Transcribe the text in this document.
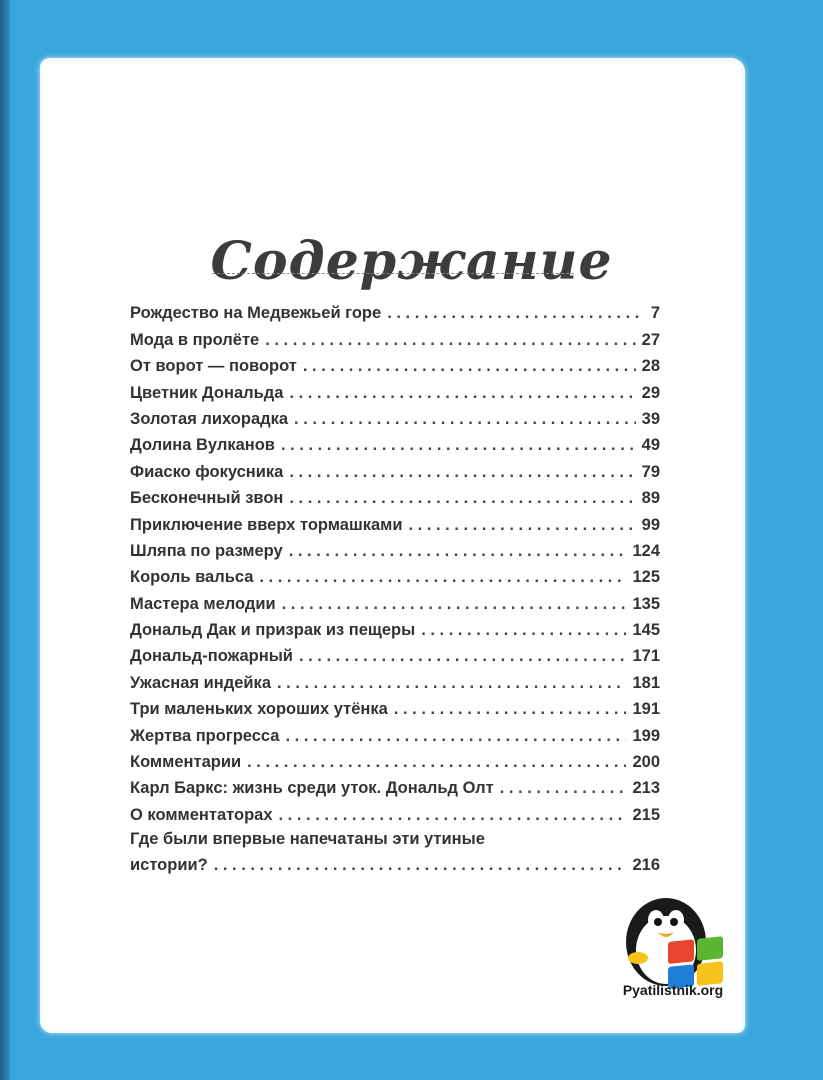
Содержание
Рождество на Медвежьей горе . . .	7
Мода в пролёте . . .	27
От ворот — поворот . . .	28
Цветник Дональда . . .	29
Золотая лихорадка . . .	39
Долина Вулканов . . .	49
Фиаско фокусника . . .	79
Бесконечный звон . . .	89
Приключение вверх тормашками . . .	99
Шляпа по размеру . . .	124
Король вальса . . .	125
Мастера мелодии . . .	135
Дональд Дак и призрак из пещеры . . .	145
Дональд-пожарный . . .	171
Ужасная индейка . . .	181
Три маленьких хороших утёнка . . .	191
Жертва прогресса . . .	199
Комментарии . . .	200
Карл Баркс: жизнь среди уток. Дональд Олт . . .	213
О комментаторах . . .	215
Где были впервые напечатаны эти утиные
истории? . . .	216
Pyatilistnik.org
